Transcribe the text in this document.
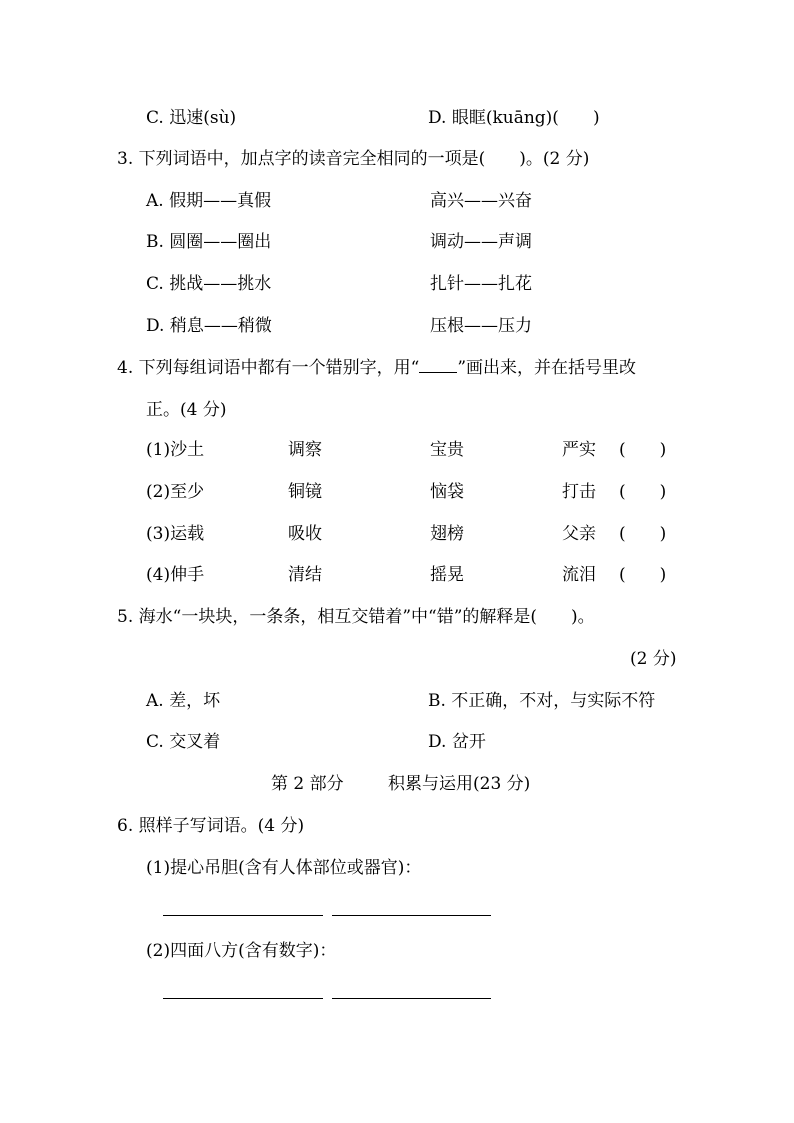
C. 迅速(sù)	D. 眼眶(kuāng)(　　)
3. 下列词语中，加点字的读音完全相同的一项是(　　)。(2 分)
A. 假期——真假	高兴——兴奋
B. 圆圈——圈出	调动——声调
C. 挑战——挑水	扎针——扎花
D. 稍息——稍微	压根——压力
4. 下列每组词语中都有一个错别字，用“ ”画出来，并在括号里改
正。(4 分)
(1)沙土	调察	宝贵	严实 (　　)
(2)至少	铜镜	恼袋	打击 (　　)
(3)运载	吸收	翅榜	父亲 (　　)
(4)伸手	清结	摇晃	流泪 (　　)
5. 海水“一块块，一条条，相互交错着”中“错”的解释是(　　)。
(2 分)
A. 差，坏	B. 不正确，不对，与实际不符
C. 交叉着	D. 岔开
第 2 部分	积累与运用(23 分)
6. 照样子写词语。(4 分)
(1)提心吊胆(含有人体部位或器官)：
(2)四面八方(含有数字)：
